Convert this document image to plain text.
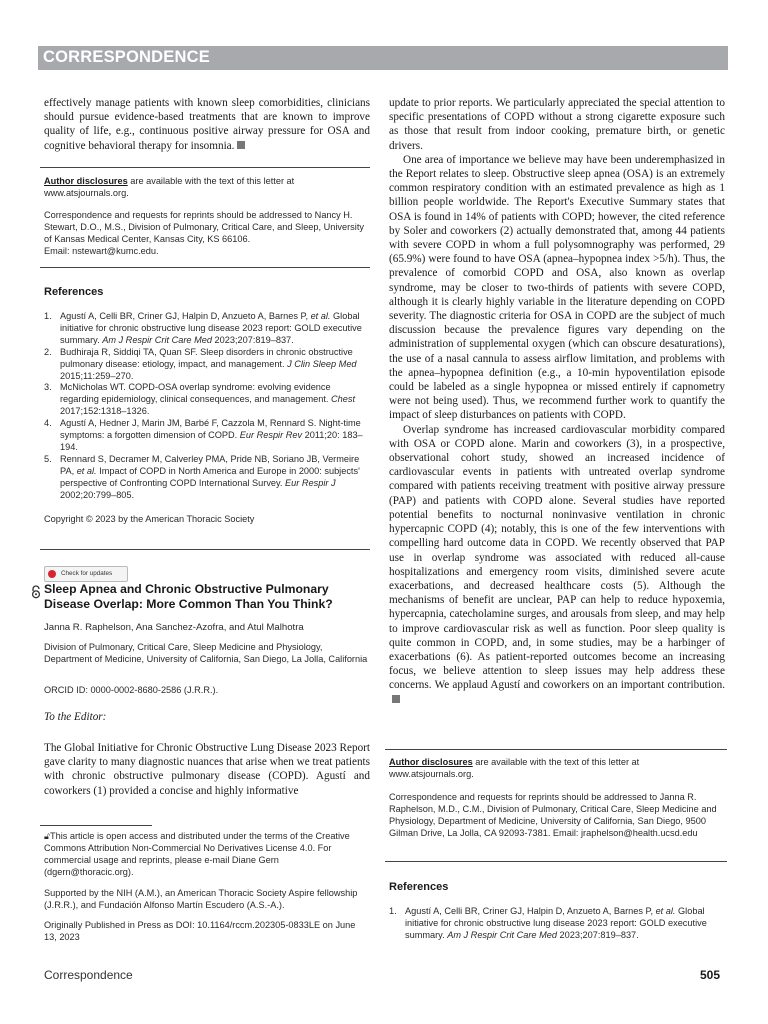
CORRESPONDENCE

effectively manage patients with known sleep comorbidities, clinicians should pursue evidence-based treatments that are known to improve quality of life, e.g., continuous positive airway pressure for OSA and cognitive behavioral therapy for insomnia.

Author disclosures are available with the text of this letter at www.atsjournals.org.

Correspondence and requests for reprints should be addressed to Nancy H. Stewart, D.O., M.S., Division of Pulmonary, Critical Care, and Sleep, University of Kansas Medical Center, Kansas City, KS 66106.

Email: nstewart@kumc.edu.

References
1. Agustí A, Celli BR, Criner GJ, Halpin D, Anzueto A, Barnes P, et al. Global initiative for chronic obstructive lung disease 2023 report: GOLD executive summary. Am J Respir Crit Care Med 2023;207:819–837.
2. Budhiraja R, Siddiqi TA, Quan SF. Sleep disorders in chronic obstructive pulmonary disease: etiology, impact, and management. J Clin Sleep Med 2015;11:259–270.
3. McNicholas WT. COPD-OSA overlap syndrome: evolving evidence regarding epidemiology, clinical consequences, and management. Chest 2017;152:1318–1326.
4. Agustí A, Hedner J, Marin JM, Barbé F, Cazzola M, Rennard S. Night-time symptoms: a forgotten dimension of COPD. Eur Respir Rev 2011;20: 183–194.
5. Rennard S, Decramer M, Calverley PMA, Pride NB, Soriano JB, Vermeire PA, et al. Impact of COPD in North America and Europe in 2000: subjects' perspective of Confronting COPD International Survey. Eur Respir J 2002;20:799–805.
Copyright © 2023 by the American Thoracic Society
Check for updates
Sleep Apnea and Chronic Obstructive Pulmonary Disease Overlap: More Common Than You Think?
Janna R. Raphelson, Ana Sanchez-Azofra, and Atul Malhotra
Division of Pulmonary, Critical Care, Sleep Medicine and Physiology, Department of Medicine, University of California, San Diego, La Jolla, California
ORCID ID: 0000-0002-8680-2586 (J.R.R.).
To the Editor:
The Global Initiative for Chronic Obstructive Lung Disease 2023 Report gave clarity to many diagnostic nuances that arise when we treat patients with chronic obstructive pulmonary disease (COPD). Agustí and coworkers (1) provided a concise and highly informative

🔓︎This article is open access and distributed under the terms of the Creative Commons Attribution Non-Commercial No Derivatives License 4.0. For commercial usage and reprints, please e-mail Diane Gern (dgern@thoracic.org).

Supported by the NIH (A.M.), an American Thoracic Society Aspire fellowship (J.R.R.), and Fundación Alfonso Martín Escudero (A.S.-A.).
Originally Published in Press as DOI: 10.1164/rccm.202305-0833LE on June 13, 2023

update to prior reports. We particularly appreciated the special attention to specific presentations of COPD without a strong cigarette exposure such as those that result from indoor cooking, premature birth, or genetic drivers.

One area of importance we believe may have been underemphasized in the Report relates to sleep. Obstructive sleep apnea (OSA) is an extremely common respiratory condition with an estimated prevalence as high as 1 billion people worldwide. The Report's Executive Summary states that OSA is found in 14% of patients with COPD; however, the cited reference by Soler and coworkers (2) actually demonstrated that, among 44 patients with severe COPD in whom a full polysomnography was performed, 29 (65.9%) were found to have OSA (apnea–hypopnea index >5/h). Thus, the prevalence of comorbid COPD and OSA, also known as overlap syndrome, may be closer to two-thirds of patients with severe COPD, although it is clearly highly variable in the literature depending on COPD severity. The diagnostic criteria for OSA in COPD are the subject of much discussion because the prevalence figures vary depending on the administration of supplemental oxygen (which can obscure desaturations), the use of a nasal cannula to assess airflow limitation, and problems with the apnea–hypopnea definition (e.g., a 10-min hypoventilation episode could be labeled as a single hypopnea or missed entirely if capnometry were not being used). Thus, we recommend further work to quantify the impact of sleep disturbances on patients with COPD.

Overlap syndrome has increased cardiovascular morbidity compared with OSA or COPD alone. Marin and coworkers (3), in a prospective, observational cohort study, showed an increased incidence of cardiovascular events in patients with untreated overlap syndrome compared with patients receiving treatment with positive airway pressure (PAP) and patients with COPD alone. Several studies have reported potential benefits to nocturnal noninvasive ventilation in chronic hypercapnic COPD (4); notably, this is one of the few interventions with compelling hard outcome data in COPD. We recently observed that PAP use in overlap syndrome was associated with reduced all-cause hospitalizations and emergency room visits, diminished severe acute exacerbations, and decreased healthcare costs (5). Although the mechanisms of benefit are unclear, PAP can help to reduce hypoxemia, hypercapnia, catecholamine surges, and arousals from sleep, and may help to improve cardiovascular risk as well as function. Poor sleep quality is quite common in COPD, and, in some studies, may be a harbinger of exacerbations (6). As patient-reported outcomes become an increasing focus, we believe attention to sleep issues may help address these concerns. We applaud Agustí and coworkers on an important contribution.

Author disclosures are available with the text of this letter at www.atsjournals.org.

Correspondence and requests for reprints should be addressed to Janna R. Raphelson, M.D., C.M., Division of Pulmonary, Critical Care, Sleep Medicine and Physiology, Department of Medicine, University of California, San Diego, 9500 Gilman Drive, La Jolla, CA 92093-7381. Email: jraphelson@health.ucsd.edu
References
1. Agustí A, Celli BR, Criner GJ, Halpin D, Anzueto A, Barnes P, et al. Global initiative for chronic obstructive lung disease 2023 report: GOLD executive summary. Am J Respir Crit Care Med 2023;207:819–837.
Correspondence	505
